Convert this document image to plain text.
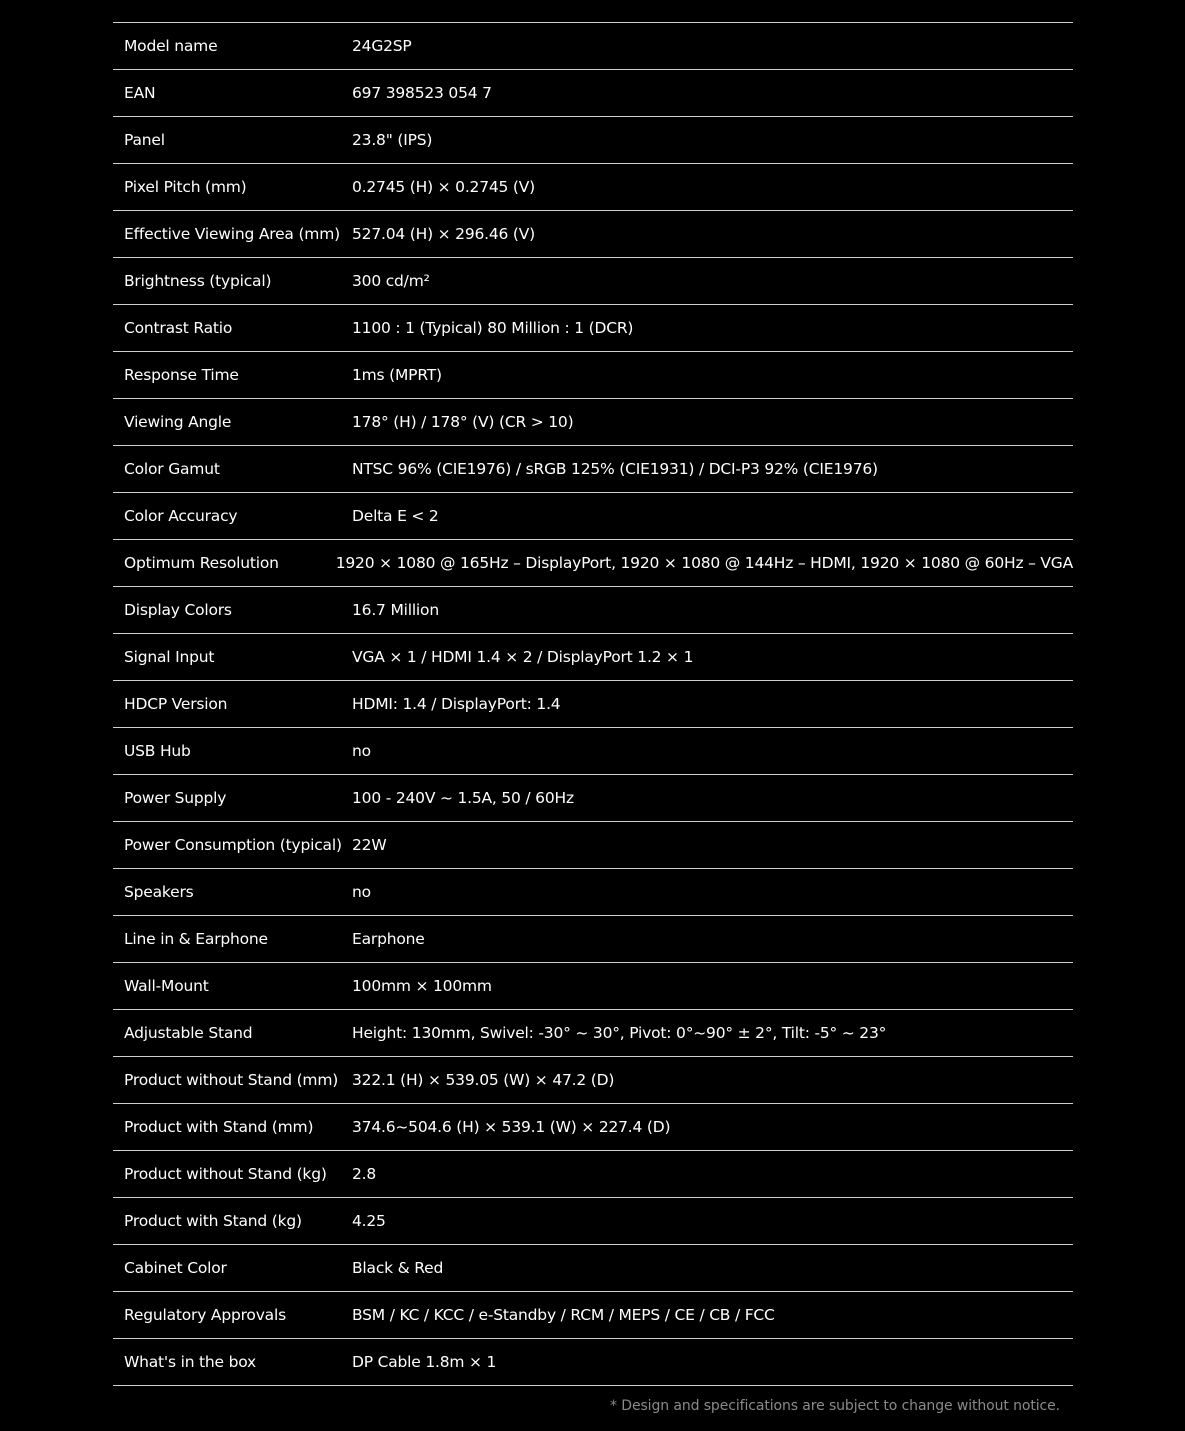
Model name	24G2SP
EAN	697 398523 054 7
Panel	23.8" (IPS)
Pixel Pitch (mm)	0.2745 (H) × 0.2745 (V)
Effective Viewing Area (mm) 527.04 (H) × 296.46 (V)
Brightness (typical)	300 cd/m²
Contrast Ratio	1100 : 1 (Typical) 80 Million : 1 (DCR)
Response Time	1ms (MPRT)
Viewing Angle	178° (H) / 178° (V) (CR > 10)
Color Gamut	NTSC 96% (CIE1976) / sRGB 125% (CIE1931) / DCI-P3 92% (CIE1976)
Color Accuracy	Delta E < 2
Optimum Resolution	1920 × 1080 @ 165Hz – DisplayPort, 1920 × 1080 @ 144Hz – HDMI, 1920 × 1080 @ 60Hz – VGA
Display Colors	16.7 Million
Signal Input	VGA × 1 / HDMI 1.4 × 2 / DisplayPort 1.2 × 1
HDCP Version	HDMI: 1.4 / DisplayPort: 1.4
USB Hub	no
Power Supply	100 - 240V ~ 1.5A, 50 / 60Hz
Power Consumption (typical) 22W
Speakers	no
Line in & Earphone	Earphone
Wall-Mount	100mm × 100mm
Adjustable Stand	Height: 130mm, Swivel: -30° ~ 30°, Pivot: 0°~90° ± 2°, Tilt: -5° ~ 23°
Product without Stand (mm) 322.1 (H) × 539.05 (W) × 47.2 (D)
Product with Stand (mm)	374.6~504.6 (H) × 539.1 (W) × 227.4 (D)
Product without Stand (kg)	2.8
Product with Stand (kg)	4.25
Cabinet Color	Black & Red
Regulatory Approvals	BSM / KC / KCC / e-Standby / RCM / MEPS / CE / CB / FCC
What's in the box	DP Cable 1.8m × 1
* Design and specifications are subject to change without notice.
